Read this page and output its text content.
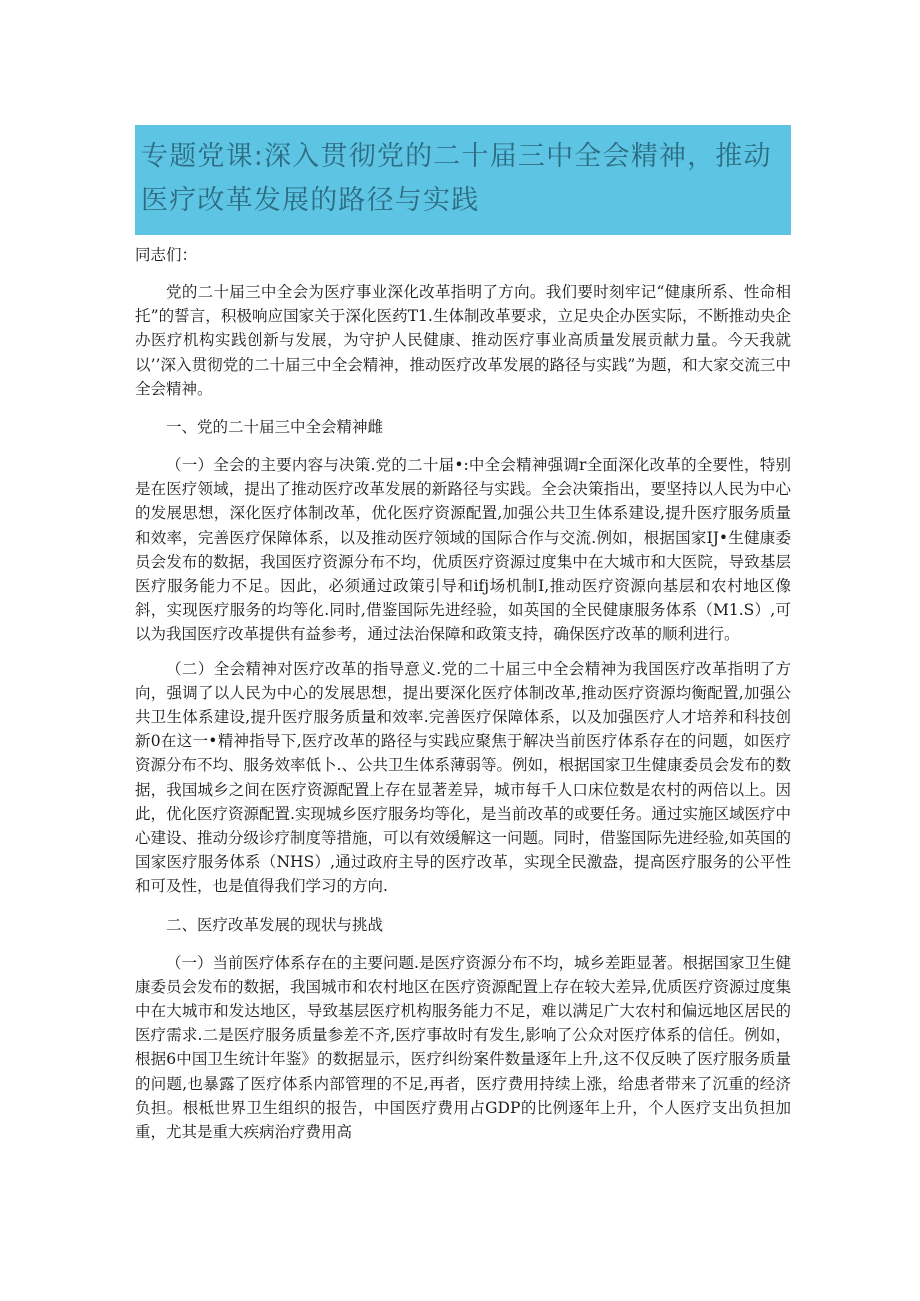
专题党课:深入贯彻党的二十届三中全会精神，推动医疗改革发展的路径与实践

同志们：

党的二十届三中全会为医疗事业深化改革指明了方向。我们要时刻牢记“健康所系、性命相托”的誓言，积极响应国家关于深化医药T1.生体制改革要求，立足央企办医实际，不断推动央企办医疗机构实践创新与发展，为守护人民健康、推动医疗事业高质量发展贡献力量。今天我就以’’深入贯彻党的二十届三中全会精神，推动医疗改革发展的路径与实践”为题，和大家交流三中全会精神。

一、党的二十届三中全会精神雌

（一）全会的主要内容与决策.党的二十届•:中全会精神强调r全面深化改革的全要性，特别是在医疗领域，提出了推动医疗改革发展的新路径与实践。全会决策指出，要坚持以人民为中心的发展思想，深化医疗体制改革，优化医疗资源配置,加强公共卫生体系建设,提升医疗服务质量和效率，完善医疗保障体系，以及推动医疗领域的国际合作与交流.例如，根据国家IJ•生健康委员会发布的数据，我国医疗资源分布不均，优质医疗资源过度集中在大城市和大医院，导致基层医疗服务能力不足。因此，必须通过政策引导和ifj场机制I,推动医疗资源向基层和农村地区像斜，实现医疗服务的均等化.同时,借鉴国际先进经验，如英国的全民健康服务体系（M1.S）,可以为我国医疗改革提供有益参考，通过法治保障和政策支持，确保医疗改革的顺利进行。

（二）全会精神对医疗改革的指导意义.党的二十届三中全会精神为我国医疗改革指明了方向，强调了以人民为中心的发展思想，提出要深化医疗体制改革,推动医疗资源均衡配置,加强公共卫生体系建设,提升医疗服务质量和效率.完善医疗保障体系，以及加强医疗人才培养和科技创新0在这一•精神指导下,医疗改革的路径与实践应聚焦于解决当前医疗体系存在的问题，如医疗资源分布不均、服务效率低卜.、公共卫生体系薄弱等。例如，根据国家卫生健康委员会发布的数据，我国城乡之间在医疗资源配置上存在显著差异，城市每千人口床位数是农村的两倍以上。因此，优化医疗资源配置.实现城乡医疗服务均等化，是当前改革的或要任务。通过实施区域医疗中心建设、推动分级诊疗制度等措施，可以有效缓解这一问题。同时，借鉴国际先进经验,如英国的国家医疗服务体系（NHS）,通过政府主导的医疗改革，实现全民激盎，提高医疗服务的公平性和可及性，也是值得我们学习的方向.

二、医疗改革发展的现状与挑战

（一）当前医疗体系存在的主要问题.是医疗资源分布不均，城乡差距显著。根据国家卫生健康委员会发布的数据，我国城市和农村地区在医疗资源配置上存在较大差异,优质医疗资源过度集中在大城市和发达地区，导致基层医疗机构服务能力不足，难以满足广大农村和偏远地区居民的医疗需求.二是医疗服务质量参差不齐,医疗事故时有发生,影响了公众对医疗体系的信任。例如，根据6中国卫生统计年鉴》的数据显示，医疗纠纷案件数量逐年上升,这不仅反映了医疗服务质量的问题,也暴露了医疗体系内部管理的不足,再者，医疗费用持续上涨，给患者带来了沉重的经济负担。根柢世界卫生组织的报告，中国医疗费用占GDP的比例逐年上升，个人医疗支出负担加重，尤其是重大疾病治疗费用高
